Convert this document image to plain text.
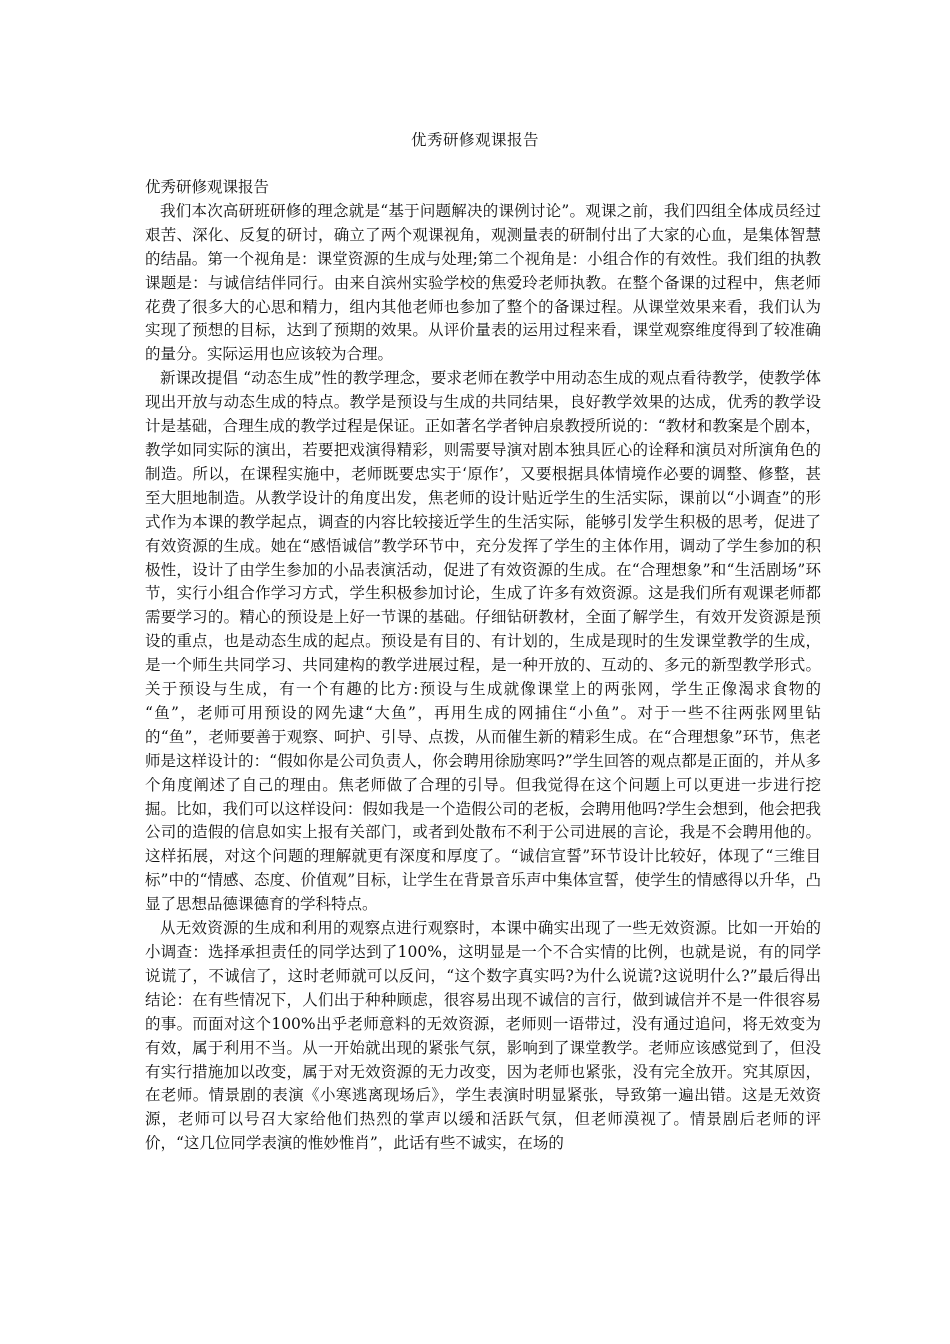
优秀研修观课报告

优秀研修观课报告

我们本次高研班研修的理念就是“基于问题解决的课例讨论”。观课之前，我们四组全体成员经过艰苦、深化、反复的研讨，确立了两个观课视角，观测量表的研制付出了大家的心血，是集体智慧的结晶。第一个视角是：课堂资源的生成与处理;第二个视角是：小组合作的有效性。我们组的执教课题是：与诚信结伴同行。由来自滨州实验学校的焦爱玲老师执教。在整个备课的过程中，焦老师花费了很多大的心思和精力，组内其他老师也参加了整个的备课过程。从课堂效果来看，我们认为实现了预想的目标，达到了预期的效果。从评价量表的运用过程来看，课堂观察维度得到了较准确的量分。实际运用也应该较为合理。

新课改提倡 “动态生成”性的教学理念，要求老师在教学中用动态生成的观点看待教学，使教学体现出开放与动态生成的特点。教学是预设与生成的共同结果，良好教学效果的达成，优秀的教学设计是基础，合理生成的教学过程是保证。正如著名学者钟启泉教授所说的：“教材和教案是个剧本，教学如同实际的演出，若要把戏演得精彩，则需要导演对剧本独具匠心的诠释和演员对所演角色的制造。所以，在课程实施中，老师既要忠实于‘原作’，又要根据具体情境作必要的调整、修整，甚至大胆地制造。从教学设计的角度出发，焦老师的设计贴近学生的生活实际，课前以“小调查”的形式作为本课的教学起点，调查的内容比较接近学生的生活实际，能够引发学生积极的思考，促进了有效资源的生成。她在“感悟诚信”教学环节中，充分发挥了学生的主体作用，调动了学生参加的积极性，设计了由学生参加的小品表演活动，促进了有效资源的生成。在“合理想象”和“生活剧场”环节，实行小组合作学习方式，学生积极参加讨论，生成了许多有效资源。这是我们所有观课老师都需要学习的。精心的预设是上好一节课的基础。仔细钻研教材，全面了解学生，有效开发资源是预设的重点，也是动态生成的起点。预设是有目的、有计划的，生成是现时的生发课堂教学的生成，是一个师生共同学习、共同建构的教学进展过程，是一种开放的、互动的、多元的新型教学形式。关于预设与生成，有一个有趣的比方:预设与生成就像课堂上的两张网，学生正像渴求食物的 “鱼”，老师可用预设的网先逮“大鱼”，再用生成的网捕住“小鱼”。对于一些不往两张网里钻的“鱼”，老师要善于观察、呵护、引导、点拨，从而催生新的精彩生成。在“合理想象”环节，焦老师是这样设计的：“假如你是公司负责人，你会聘用徐励寒吗?”学生回答的观点都是正面的，并从多个角度阐述了自己的理由。焦老师做了合理的引导。但我觉得在这个问题上可以更进一步进行挖掘。比如，我们可以这样设问：假如我是一个造假公司的老板，会聘用他吗?学生会想到，他会把我公司的造假的信息如实上报有关部门，或者到处散布不利于公司进展的言论，我是不会聘用他的。这样拓展，对这个问题的理解就更有深度和厚度了。“诚信宣誓”环节设计比较好，体现了“三维目标”中的“情感、态度、价值观”目标，让学生在背景音乐声中集体宣誓，使学生的情感得以升华，凸显了思想品德课德育的学科特点。

从无效资源的生成和利用的观察点进行观察时，本课中确实出现了一些无效资源。比如一开始的小调查：选择承担责任的同学达到了100%，这明显是一个不合实情的比例，也就是说，有的同学说谎了，不诚信了，这时老师就可以反问，“这个数字真实吗?为什么说谎?这说明什么?”最后得出结论：在有些情况下，人们出于种种顾虑，很容易出现不诚信的言行，做到诚信并不是一件很容易的事。而面对这个100%出乎老师意料的无效资源，老师则一语带过，没有通过追问，将无效变为有效，属于利用不当。从一开始就出现的紧张气氛，影响到了课堂教学。老师应该感觉到了，但没有实行措施加以改变，属于对无效资源的无力改变，因为老师也紧张，没有完全放开。究其原因，在老师。情景剧的表演《小寒逃离现场后》，学生表演时明显紧张，导致第一遍出错。这是无效资源，老师可以号召大家给他们热烈的掌声以缓和活跃气氛，但老师漠视了。情景剧后老师的评价，“这几位同学表演的惟妙惟肖”，此话有些不诚实，在场的
